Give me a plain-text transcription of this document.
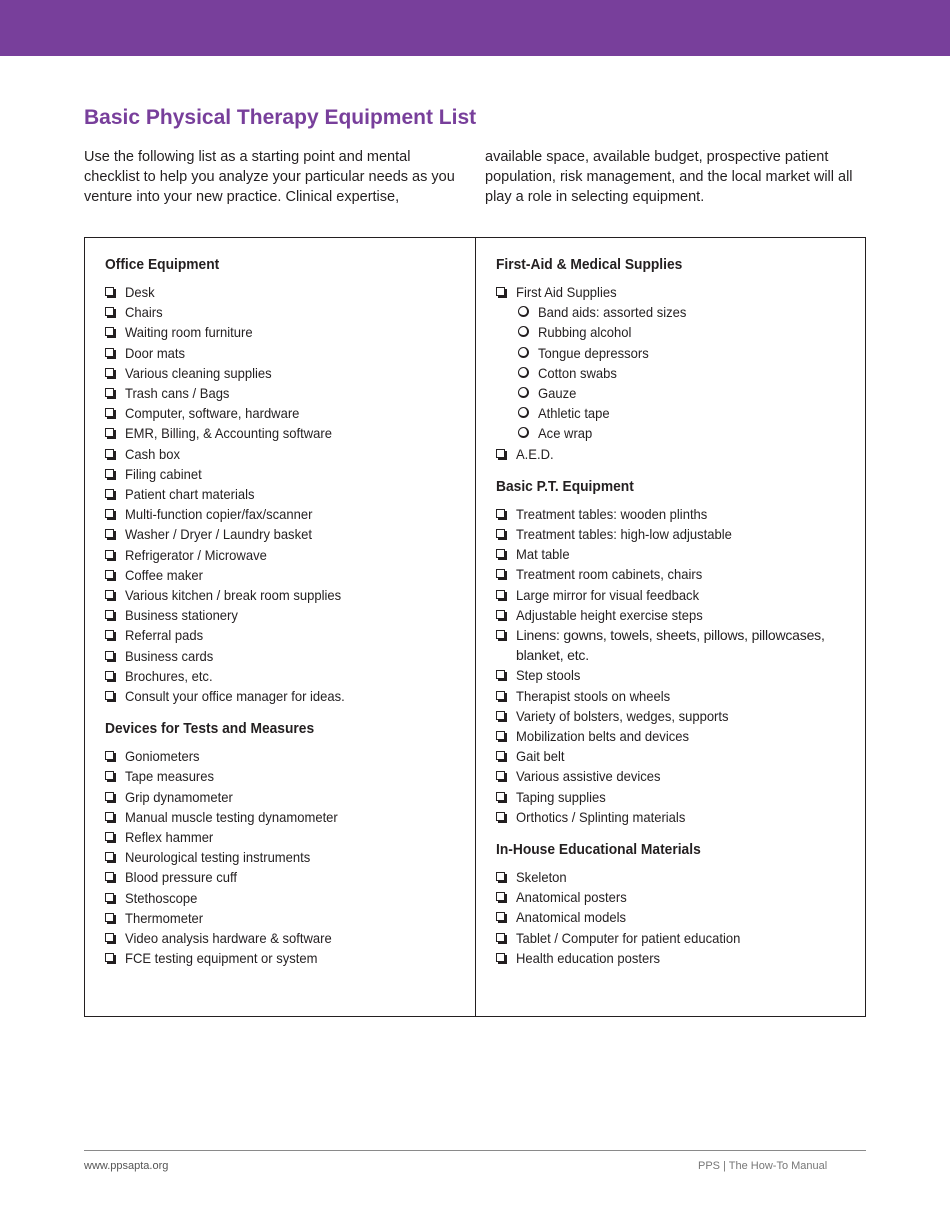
Basic Physical Therapy Equipment List

Use the following list as a starting point and mental checklist to help you analyze your particular needs as you venture into your new practice. Clinical expertise,

available space, available budget, prospective patient population, risk management, and the local market will all play a role in selecting equipment.

Office Equipment
Desk
Chairs
Waiting room furniture
Door mats
Various cleaning supplies
Trash cans / Bags
Computer, software, hardware
EMR, Billing, & Accounting software
Cash box
Filing cabinet
Patient chart materials
Multi-function copier/fax/scanner
Washer / Dryer / Laundry basket
Refrigerator / Microwave
Coffee maker
Various kitchen / break room supplies
Business stationery
Referral pads
Business cards
Brochures, etc.
Consult your office manager for ideas.
Devices for Tests and Measures
Goniometers
Tape measures
Grip dynamometer
Manual muscle testing dynamometer
Reflex hammer
Neurological testing instruments
Blood pressure cuff
Stethoscope
Thermometer
Video analysis hardware & software
FCE testing equipment or system
First-Aid & Medical Supplies
First Aid Supplies
Band aids: assorted sizes
Rubbing alcohol
Tongue depressors
Cotton swabs
Gauze
Athletic tape
Ace wrap
A.E.D.
Basic P.T. Equipment
Treatment tables: wooden plinths
Treatment tables: high-low adjustable
Mat table
Treatment room cabinets, chairs
Large mirror for visual feedback
Adjustable height exercise steps
Linens: gowns, towels, sheets, pillows, pillowcases, blanket, etc.
Step stools
Therapist stools on wheels
Variety of bolsters, wedges, supports
Mobilization belts and devices
Gait belt
Various assistive devices
Taping supplies
Orthotics / Splinting materials
In-House Educational Materials
Skeleton
Anatomical posters
Anatomical models
Tablet / Computer for patient education
Health education posters
www.ppsapta.org	PPS | The How-To Manual
